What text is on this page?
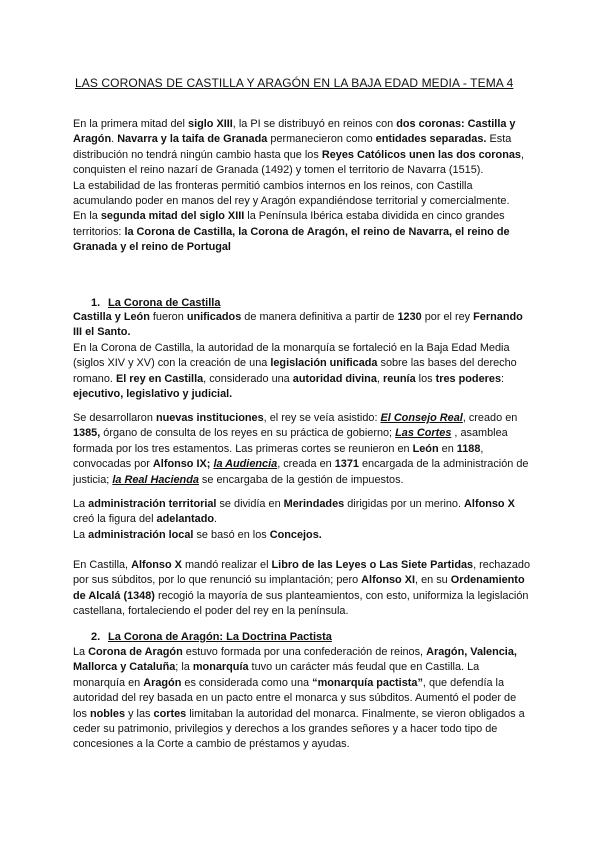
LAS CORONAS DE CASTILLA Y ARAGÓN EN LA BAJA EDAD MEDIA - TEMA 4

En la primera mitad del siglo XIII, la PI se distribuyó en reinos con dos coronas: Castilla y Aragón. Navarra y la taifa de Granada permanecieron como entidades separadas. Esta distribución no tendrá ningún cambio hasta que los Reyes Católicos unen las dos coronas, conquisten el reino nazarí de Granada (1492) y tomen el territorio de Navarra (1515).

La estabilidad de las fronteras permitió cambios internos en los reinos, con Castilla acumulando poder en manos del rey y Aragón expandiéndose territorial y comercialmente.

En la segunda mitad del siglo XIII la Península Ibérica estaba dividida en cinco grandes territorios: la Corona de Castilla, la Corona de Aragón, el reino de Navarra, el reino de Granada y el reino de Portugal

1. La Corona de Castilla

Castilla y León fueron unificados de manera definitiva a partir de 1230 por el rey Fernando III el Santo.

En la Corona de Castilla, la autoridad de la monarquía se fortaleció en la Baja Edad Media (siglos XIV y XV) con la creación de una legislación unificada sobre las bases del derecho romano. El rey en Castilla, considerado una autoridad divina, reunía los tres poderes: ejecutivo, legislativo y judicial.

Se desarrollaron nuevas instituciones, el rey se veía asistido: El Consejo Real, creado en 1385, órgano de consulta de los reyes en su práctica de gobierno; Las Cortes , asamblea formada por los tres estamentos. Las primeras cortes se reunieron en León en 1188, convocadas por Alfonso IX; la Audiencia, creada en 1371 encargada de la administración de justicia; la Real Hacienda se encargaba de la gestión de impuestos.

La administración territorial se dividía en Merindades dirigidas por un merino. Alfonso X creó la figura del adelantado.

La administración local se basó en los Concejos.

En Castilla, Alfonso X mandó realizar el Libro de las Leyes o Las Siete Partidas, rechazado por sus súbditos, por lo que renunció su implantación; pero Alfonso XI, en su Ordenamiento de Alcalá (1348) recogió la mayoría de sus planteamientos, con esto, uniformiza la legislación castellana, fortaleciendo el poder del rey en la península.

2. La Corona de Aragón: La Doctrina Pactista

La Corona de Aragón estuvo formada por una confederación de reinos, Aragón, Valencia, Mallorca y Cataluña; la monarquía tuvo un carácter más feudal que en Castilla. La monarquía en Aragón es considerada como una “monarquía pactista”, que defendía la autoridad del rey basada en un pacto entre el monarca y sus súbditos. Aumentó el poder de los nobles y las cortes limitaban la autoridad del monarca. Finalmente, se vieron obligados a ceder su patrimonio, privilegios y derechos a los grandes señores y a hacer todo tipo de concesiones a la Corte a cambio de préstamos y ayudas.
